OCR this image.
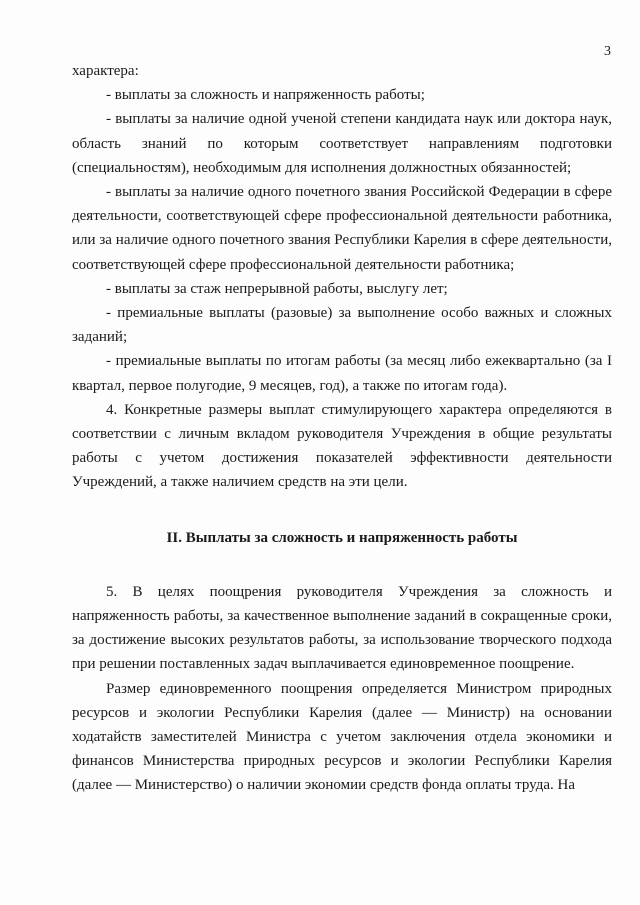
3

характера:

- выплаты за сложность и напряженность работы;

- выплаты за наличие одной ученой степени кандидата наук или доктора наук, область знаний по которым соответствует направлениям подготовки (специальностям), необходимым для исполнения должностных обязанностей;

- выплаты за наличие одного почетного звания Российской Федерации в сфере деятельности, соответствующей сфере профессиональной деятельности работника, или за наличие одного почетного звания Республики Карелия в сфере деятельности, соответствующей сфере профессиональной деятельности работника;

- выплаты за стаж непрерывной работы, выслугу лет;

- премиальные выплаты (разовые) за выполнение особо важных и сложных заданий;

- премиальные выплаты по итогам работы (за месяц либо ежеквартально (за I квартал, первое полугодие, 9 месяцев, год), а также по итогам года).

4. Конкретные размеры выплат стимулирующего характера определяются в соответствии с личным вкладом руководителя Учреждения в общие результаты работы с учетом достижения показателей эффективности деятельности Учреждений, а также наличием средств на эти цели.

II. Выплаты за сложность и напряженность работы

5. В целях поощрения руководителя Учреждения за сложность и напряженность работы, за качественное выполнение заданий в сокращенные сроки, за достижение высоких результатов работы, за использование творческого подхода при решении поставленных задач выплачивается единовременное поощрение.

Размер единовременного поощрения определяется Министром природных ресурсов и экологии Республики Карелия (далее — Министр) на основании ходатайств заместителей Министра с учетом заключения отдела экономики и финансов Министерства природных ресурсов и экологии Республики Карелия (далее — Министерство) о наличии экономии средств фонда оплаты труда. На
